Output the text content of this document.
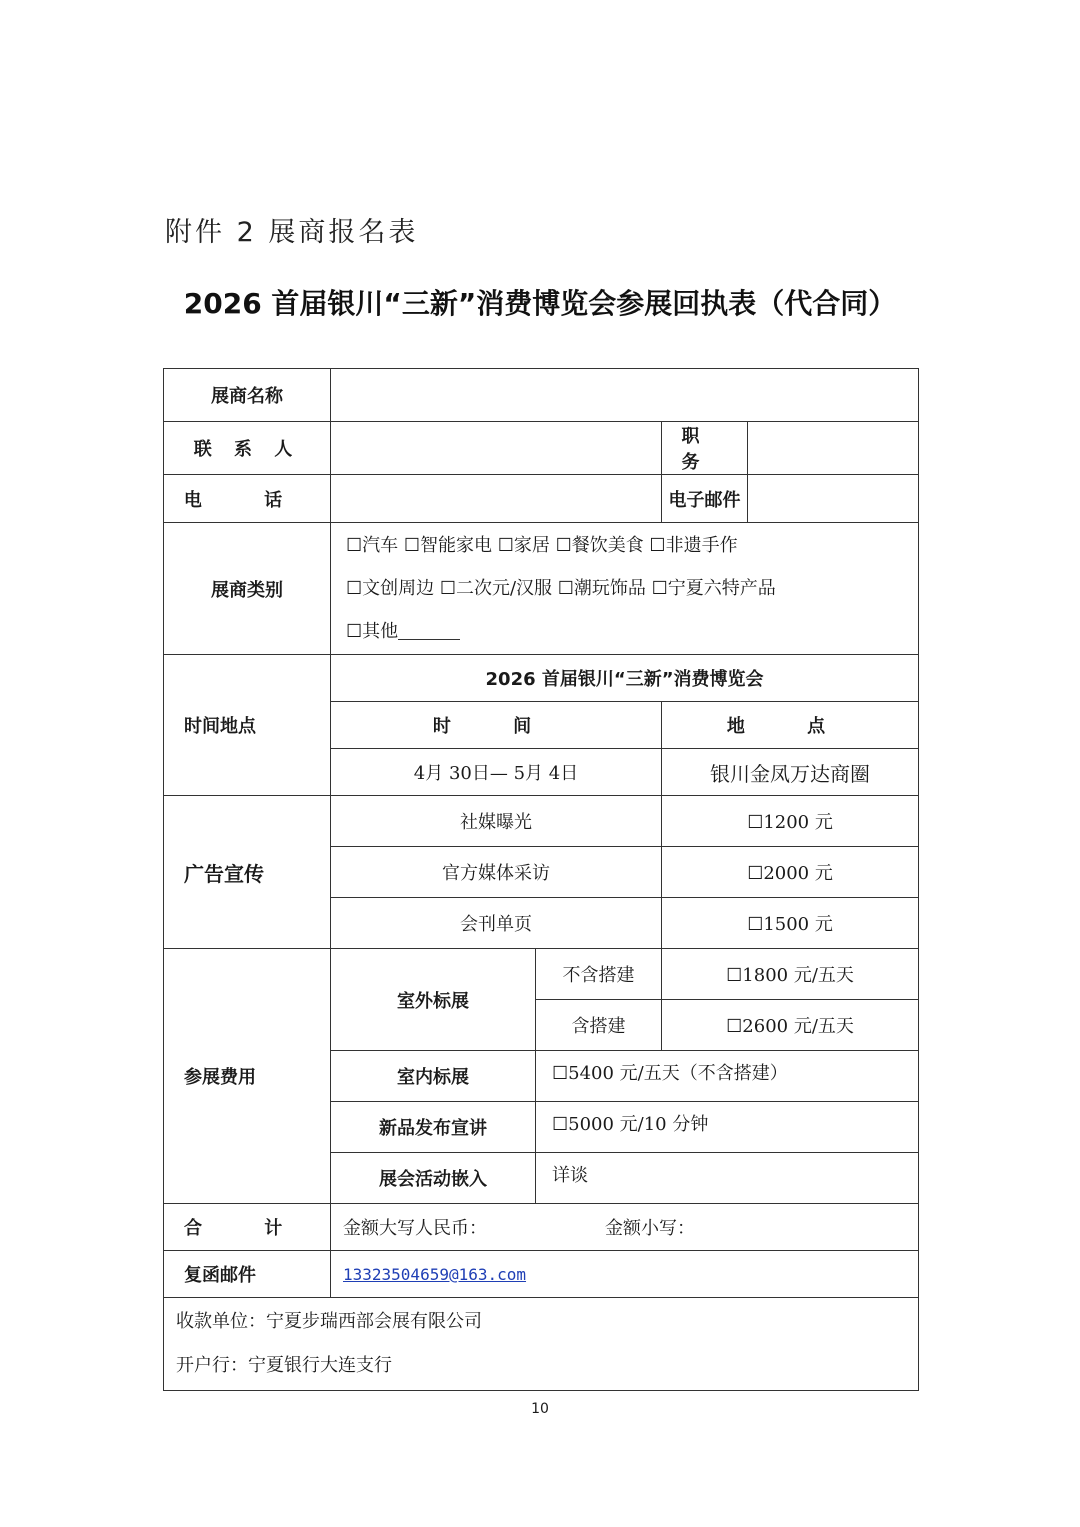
附件 2 展商报名表
2026 首届银川“三新”消费博览会参展回执表（代合同）
展商名称				
联 系 人			职 务	
电 话			电子邮件	
展商类别	☐汽车 ☐智能家电 ☐家居 ☐餐饮美食 ☐非遗手作
☐文创周边 ☐二次元/汉服 ☐潮玩饰品 ☐宁夏六特产品
☐其他			

时间地点	2026 首届银川“三新”消费博览会			
	时 间		地 点	
	4月 30日— 5月 4日		银川金凤万达商圈	
广告宣传	社媒曝光		☐1200 元	
	官方媒体采访		☐2000 元	
	会刊单页		☐1500 元	
参展费用	室外标展	不含搭建	☐1800 元/五天	
		含搭建	☐2600 元/五天	
	室内标展	☐5400 元/五天（不含搭建）		
	新品发布宣讲	☐5000 元/10 分钟		
	展会活动嵌入	详谈		
合 计	金额大写人民币： 金额小写：			
复函邮件	13323504659@163.com			

收款单位：宁夏步瑞西部会展有限公司
开户行：宁夏银行大连支行				
10
